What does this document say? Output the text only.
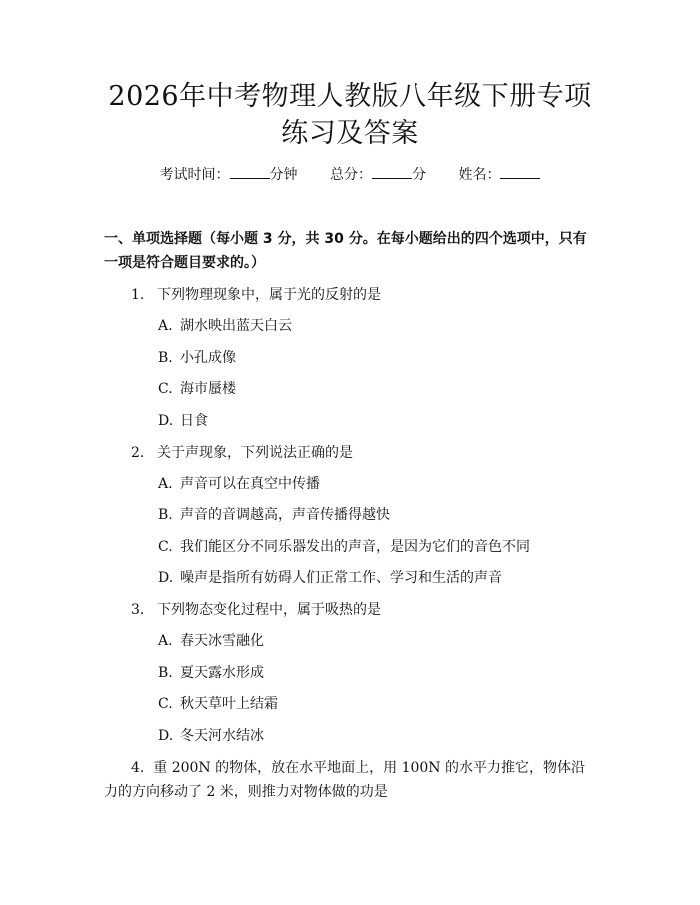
2026年中考物理人教版八年级下册专项练习及答案
考试时间：	分钟 总分：	分 姓名：
一、单项选择题（每小题 3 分，共 30 分。在每小题给出的四个选项中，只有一项是符合题目要求的。）
1. 下列物理现象中，属于光的反射的是
A. 湖水映出蓝天白云
B. 小孔成像
C. 海市蜃楼
D. 日食
2. 关于声现象，下列说法正确的是
A. 声音可以在真空中传播
B. 声音的音调越高，声音传播得越快
C. 我们能区分不同乐器发出的声音，是因为它们的音色不同
D. 噪声是指所有妨碍人们正常工作、学习和生活的声音
3. 下列物态变化过程中，属于吸热的是
A. 春天冰雪融化
B. 夏天露水形成
C. 秋天草叶上结霜
D. 冬天河水结冰
4. 重 200N 的物体，放在水平地面上，用 100N 的水平力推它，物体沿力的方向移动了 2 米，则推力对物体做的功是
